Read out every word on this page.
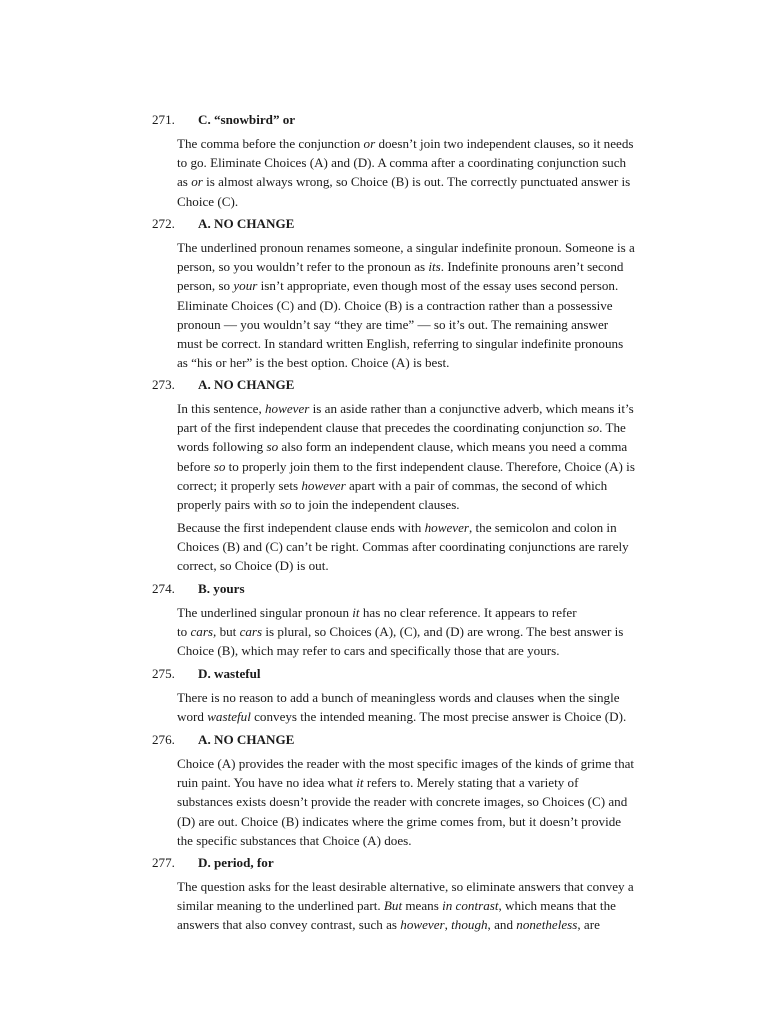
271. C. “snowbird” or
The comma before the conjunction or doesn’t join two independent clauses, so it needs
to go. Eliminate Choices (A) and (D). A comma after a coordinating conjunction such
as or is almost always wrong, so Choice (B) is out. The correctly punctuated answer is
Choice (C).
272. A. NO CHANGE
The underlined pronoun renames someone, a singular indefinite pronoun. Someone is a
person, so you wouldn’t refer to the pronoun as its. Indefinite pronouns aren’t second
person, so your isn’t appropriate, even though most of the essay uses second person.
Eliminate Choices (C) and (D). Choice (B) is a contraction rather than a possessive
pronoun — you wouldn’t say “they are time” — so it’s out. The remaining answer
must be correct. In standard written English, referring to singular indefinite pronouns
as “his or her” is the best option. Choice (A) is best.
273. A. NO CHANGE
In this sentence, however is an aside rather than a conjunctive adverb, which means it’s
part of the first independent clause that precedes the coordinating conjunction so. The
words following so also form an independent clause, which means you need a comma
before so to properly join them to the first independent clause. Therefore, Choice (A) is
correct; it properly sets however apart with a pair of commas, the second of which
properly pairs with so to join the independent clauses.
Because the first independent clause ends with however, the semicolon and colon in
Choices (B) and (C) can’t be right. Commas after coordinating conjunctions are rarely
correct, so Choice (D) is out.
274. B. yours
The underlined singular pronoun it has no clear reference. It appears to refer
to cars, but cars is plural, so Choices (A), (C), and (D) are wrong. The best answer is
Choice (B), which may refer to cars and specifically those that are yours.
275. D. wasteful
There is no reason to add a bunch of meaningless words and clauses when the single
word wasteful conveys the intended meaning. The most precise answer is Choice (D).
276. A. NO CHANGE
Choice (A) provides the reader with the most specific images of the kinds of grime that
ruin paint. You have no idea what it refers to. Merely stating that a variety of
substances exists doesn’t provide the reader with concrete images, so Choices (C) and
(D) are out. Choice (B) indicates where the grime comes from, but it doesn’t provide
the specific substances that Choice (A) does.
277. D. period, for
The question asks for the least desirable alternative, so eliminate answers that convey a
similar meaning to the underlined part. But means in contrast, which means that the
answers that also convey contrast, such as however, though, and nonetheless, are
